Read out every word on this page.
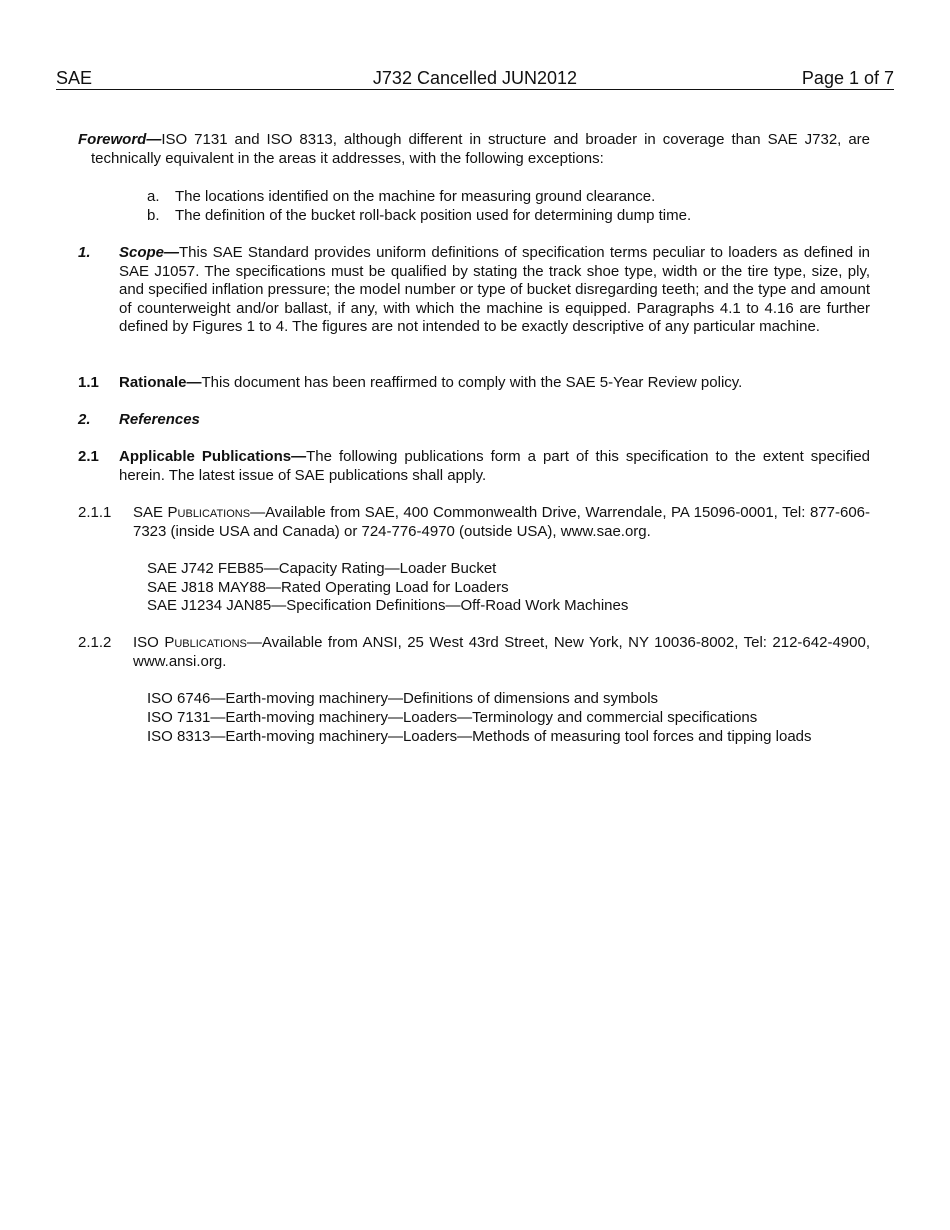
SAE	J732 Cancelled JUN2012	Page 1 of 7

Foreword—ISO 7131 and ISO 8313, although different in structure and broader in coverage than SAE J732, are

technically equivalent in the areas it addresses, with the following exceptions:

a. The locations identified on the machine for measuring ground clearance.
b. The definition of the bucket roll-back position used for determining dump time.
1. Scope—This SAE Standard provides uniform definitions of specification terms peculiar to loaders as defined in SAE J1057. The specifications must be qualified by stating the track shoe type, width or the tire type, size, ply, and specified inflation pressure; the model number or type of bucket disregarding teeth; and the type and amount of counterweight and/or ballast, if any, with which the machine is equipped. Paragraphs 4.1 to 4.16 are further defined by Figures 1 to 4. The figures are not intended to be exactly descriptive of any particular machine.

1.1 Rationale—This document has been reaffirmed to comply with the SAE 5-Year Review policy.

2. References

2.1 Applicable Publications—The following publications form a part of this specification to the extent specified herein. The latest issue of SAE publications shall apply.

2.1.1 SAE Publications—Available from SAE, 400 Commonwealth Drive, Warrendale, PA 15096-0001, Tel: 877-606-7323 (inside USA and Canada) or 724-776-4970 (outside USA), www.sae.org.

SAE J742 FEB85—Capacity Rating—Loader Bucket
SAE J818 MAY88—Rated Operating Load for Loaders
SAE J1234 JAN85—Specification Definitions—Off-Road Work Machines
2.1.2 ISO Publications—Available from ANSI, 25 West 43rd Street, New York, NY 10036-8002, Tel: 212-642-4900, www.ansi.org.

ISO 6746—Earth-moving machinery—Definitions of dimensions and symbols
ISO 7131—Earth-moving machinery—Loaders—Terminology and commercial specifications
ISO 8313—Earth-moving machinery—Loaders—Methods of measuring tool forces and tipping loads
